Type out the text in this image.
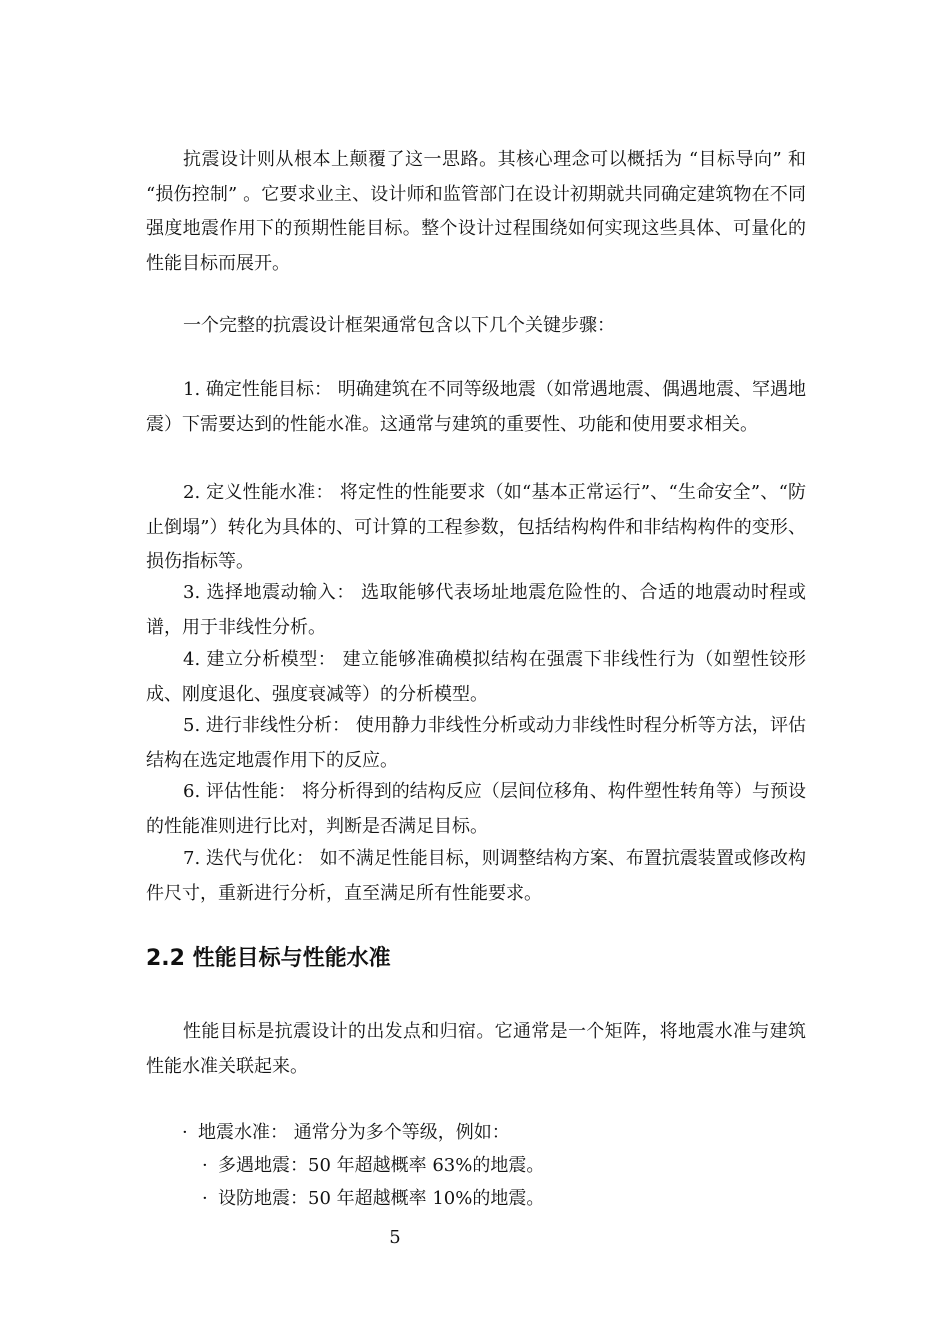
抗震设计则从根本上颠覆了这一思路。其核心理念可以概括为 “目标导向” 和 “损伤控制” 。它要求业主、设计师和监管部门在设计初期就共同确定建筑物在不同强度地震作用下的预期性能目标。整个设计过程围绕如何实现这些具体、可量化的性能目标而展开。

一个完整的抗震设计框架通常包含以下几个关键步骤：

1. 确定性能目标： 明确建筑在不同等级地震（如常遇地震、偶遇地震、罕遇地震）下需要达到的性能水准。这通常与建筑的重要性、功能和使用要求相关。

2. 定义性能水准： 将定性的性能要求（如“基本正常运行”、“生命安全”、“防止倒塌”）转化为具体的、可计算的工程参数，包括结构构件和非结构构件的变形、损伤指标等。

3. 选择地震动输入： 选取能够代表场址地震危险性的、合适的地震动时程或谱，用于非线性分析。

4. 建立分析模型： 建立能够准确模拟结构在强震下非线性行为（如塑性铰形成、刚度退化、强度衰减等）的分析模型。

5. 进行非线性分析： 使用静力非线性分析或动力非线性时程分析等方法，评估结构在选定地震作用下的反应。

6. 评估性能： 将分析得到的结构反应（层间位移角、构件塑性转角等）与预设的性能准则进行比对，判断是否满足目标。

7. 迭代与优化： 如不满足性能目标，则调整结构方案、布置抗震装置或修改构件尺寸，重新进行分析，直至满足所有性能要求。

2.2 性能目标与性能水准

性能目标是抗震设计的出发点和归宿。它通常是一个矩阵，将地震水准与建筑性能水准关联起来。

· 地震水准： 通常分为多个等级，例如：
· 多遇地震：50 年超越概率 63%的地震。
· 设防地震：50 年超越概率 10%的地震。
5
